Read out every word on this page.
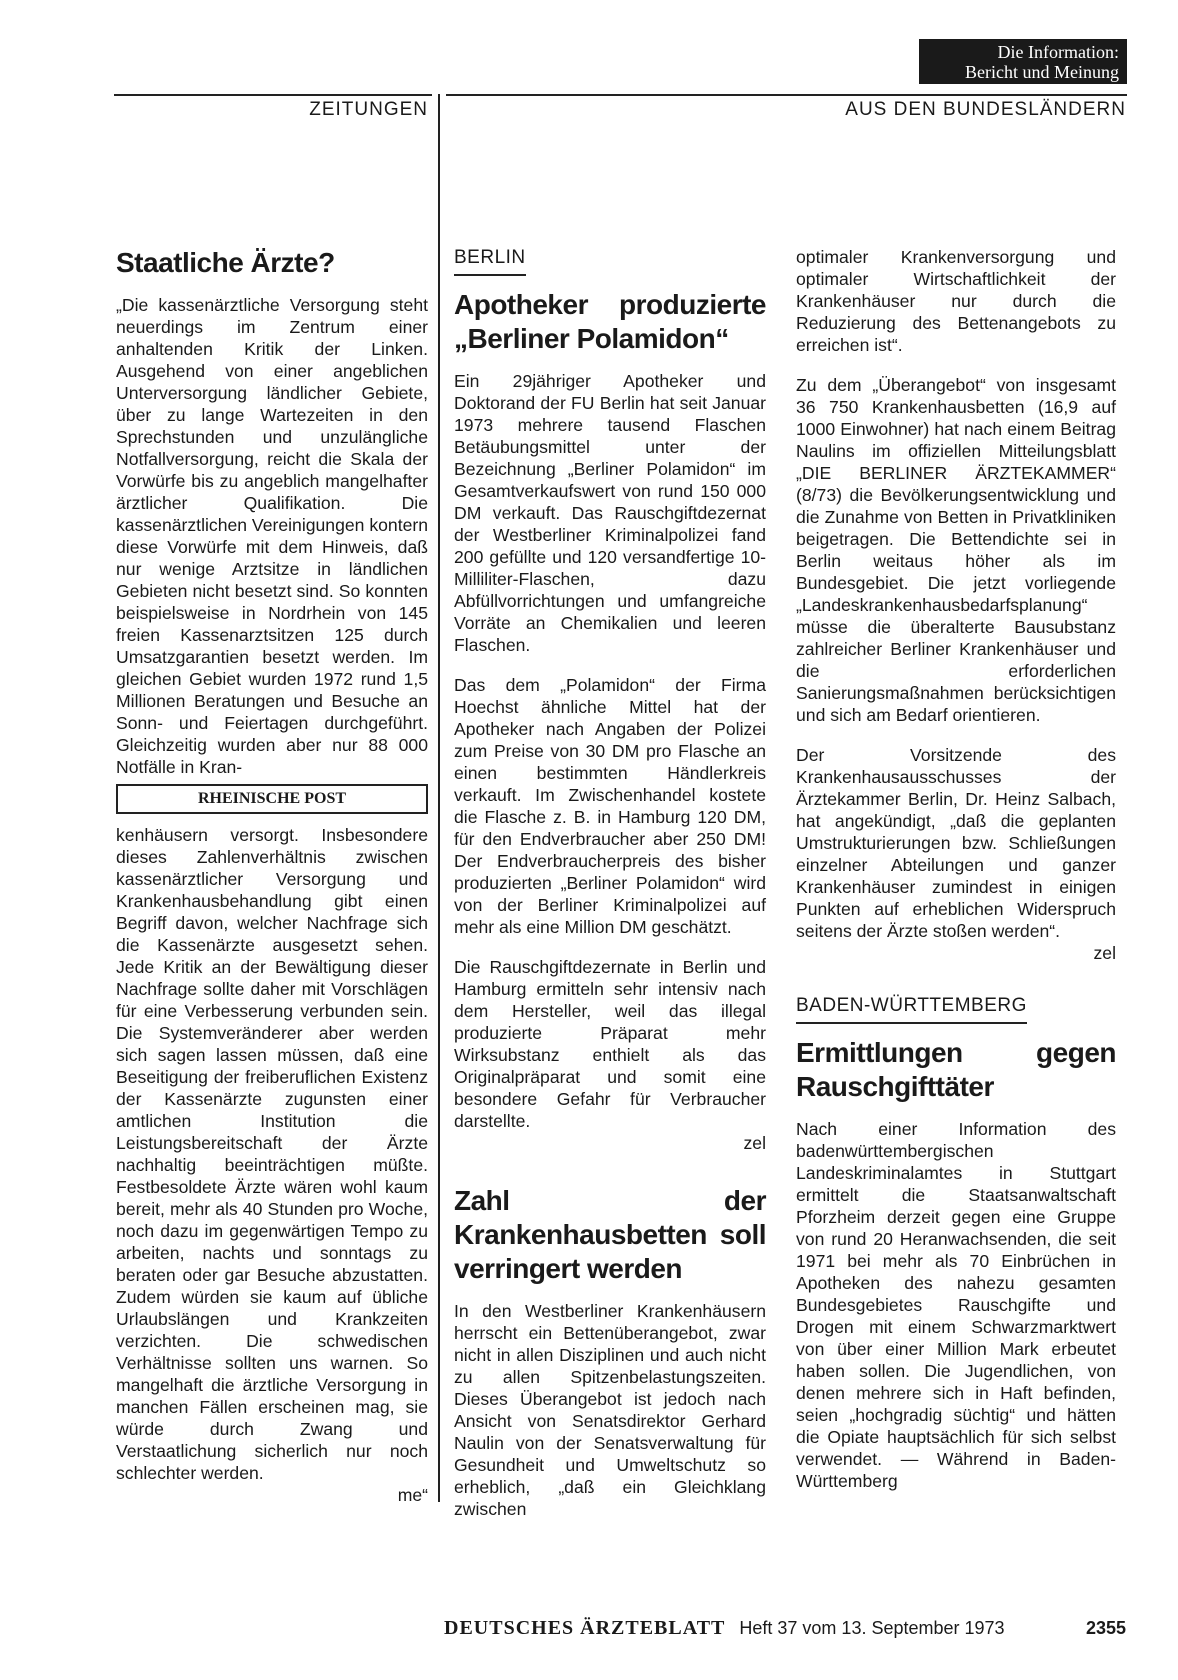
Die Information:
Bericht und Meinung
ZEITUNGEN	AUS DEN BUNDESLÄNDERN
Staatliche Ärzte?

„Die kassenärztliche Versorgung steht neuerdings im Zentrum einer anhaltenden Kritik der Linken. Ausgehend von einer angeblichen Unterversorgung ländlicher Gebiete, über zu lange Wartezeiten in den Sprechstunden und unzulängliche Notfallversorgung, reicht die Skala der Vorwürfe bis zu angeblich mangelhafter ärztlicher Qualifikation. Die kassenärztlichen Vereinigungen kontern diese Vorwürfe mit dem Hinweis, daß nur wenige Arztsitze in ländlichen Gebieten nicht besetzt sind. So konnten beispielsweise in Nordrhein von 145 freien Kassenarztsitzen 125 durch Umsatzgarantien besetzt werden. Im gleichen Gebiet wurden 1972 rund 1,5 Millionen Beratungen und Besuche an Sonn- und Feiertagen durchgeführt. Gleichzeitig wurden aber nur 88 000 Notfälle in Kran-

RHEINISCHE POST

kenhäusern versorgt. Insbesondere dieses Zahlenverhältnis zwischen kassenärztlicher Versorgung und Krankenhausbehandlung gibt einen Begriff davon, welcher Nachfrage sich die Kassenärzte ausgesetzt sehen. Jede Kritik an der Bewältigung dieser Nachfrage sollte daher mit Vorschlägen für eine Verbesserung verbunden sein. Die Systemveränderer aber werden sich sagen lassen müssen, daß eine Beseitigung der freiberuflichen Existenz der Kassenärzte zugunsten einer amtlichen Institution die Leistungsbereitschaft der Ärzte nachhaltig beeinträchtigen müßte. Festbesoldete Ärzte wären wohl kaum bereit, mehr als 40 Stunden pro Woche, noch dazu im gegenwärtigen Tempo zu arbeiten, nachts und sonntags zu beraten oder gar Besuche abzustatten. Zudem würden sie kaum auf übliche Urlaubslängen und Krankzeiten verzichten. Die schwedischen Verhältnisse sollten uns warnen. So mangelhaft die ärztliche Versorgung in manchen Fällen erscheinen mag, sie würde durch Zwang und Verstaatlichung sicherlich nur noch schlechter werden.

me“
BERLIN
Apotheker produzierte „Berliner Polamidon“

Ein 29jähriger Apotheker und Doktorand der FU Berlin hat seit Januar 1973 mehrere tausend Flaschen Betäubungsmittel unter der Bezeichnung „Berliner Polamidon“ im Gesamtverkaufswert von rund 150 000 DM verkauft. Das Rauschgiftdezernat der Westberliner Kriminalpolizei fand 200 gefüllte und 120 versandfertige 10-Milliliter-Flaschen, dazu Abfüllvorrichtungen und umfangreiche Vorräte an Chemikalien und leeren Flaschen.

Das dem „Polamidon“ der Firma Hoechst ähnliche Mittel hat der Apotheker nach Angaben der Polizei zum Preise von 30 DM pro Flasche an einen bestimmten Händlerkreis verkauft. Im Zwischenhandel kostete die Flasche z. B. in Hamburg 120 DM, für den Endverbraucher aber 250 DM! Der Endverbraucherpreis des bisher produzierten „Berliner Polamidon“ wird von der Berliner Kriminalpolizei auf mehr als eine Million DM geschätzt.

Die Rauschgiftdezernate in Berlin und Hamburg ermitteln sehr intensiv nach dem Hersteller, weil das illegal produzierte Präparat mehr Wirksubstanz enthielt als das Originalpräparat und somit eine besondere Gefahr für Verbraucher darstellte.

zel
Zahl der Krankenhausbetten soll verringert werden

In den Westberliner Krankenhäusern herrscht ein Bettenüberangebot, zwar nicht in allen Disziplinen und auch nicht zu allen Spitzenbelastungszeiten. Dieses Überangebot ist jedoch nach Ansicht von Senatsdirektor Gerhard Naulin von der Senatsverwaltung für Gesundheit und Umweltschutz so erheblich, „daß ein Gleichklang zwischen

optimaler Krankenversorgung und optimaler Wirtschaftlichkeit der Krankenhäuser nur durch die Reduzierung des Bettenangebots zu erreichen ist“.

Zu dem „Überangebot“ von insgesamt 36 750 Krankenhausbetten (16,9 auf 1000 Einwohner) hat nach einem Beitrag Naulins im offiziellen Mitteilungsblatt „DIE BERLINER ÄRZTEKAMMER“ (8/73) die Bevölkerungsentwicklung und die Zunahme von Betten in Privatkliniken beigetragen. Die Bettendichte sei in Berlin weitaus höher als im Bundesgebiet. Die jetzt vorliegende „Landeskrankenhausbedarfsplanung“ müsse die überalterte Bausubstanz zahlreicher Berliner Krankenhäuser und die erforderlichen Sanierungsmaßnahmen berücksichtigen und sich am Bedarf orientieren.

Der Vorsitzende des Krankenhausausschusses der Ärztekammer Berlin, Dr. Heinz Salbach, hat angekündigt, „daß die geplanten Umstrukturierungen bzw. Schließungen einzelner Abteilungen und ganzer Krankenhäuser zumindest in einigen Punkten auf erheblichen Widerspruch seitens der Ärzte stoßen werden“.

zel
BADEN-WÜRTTEMBERG
Ermittlungen gegen Rauschgifttäter

Nach einer Information des badenwürttembergischen Landeskriminalamtes in Stuttgart ermittelt die Staatsanwaltschaft Pforzheim derzeit gegen eine Gruppe von rund 20 Heranwachsenden, die seit 1971 bei mehr als 70 Einbrüchen in Apotheken des nahezu gesamten Bundesgebietes Rauschgifte und Drogen mit einem Schwarzmarktwert von über einer Million Mark erbeutet haben sollen. Die Jugendlichen, von denen mehrere sich in Haft befinden, seien „hochgradig süchtig“ und hätten die Opiate hauptsächlich für sich selbst verwendet. — Während in Baden-Württemberg

DEUTSCHES ÄRZTEBLATT Heft 37 vom 13. September 1973	2355
